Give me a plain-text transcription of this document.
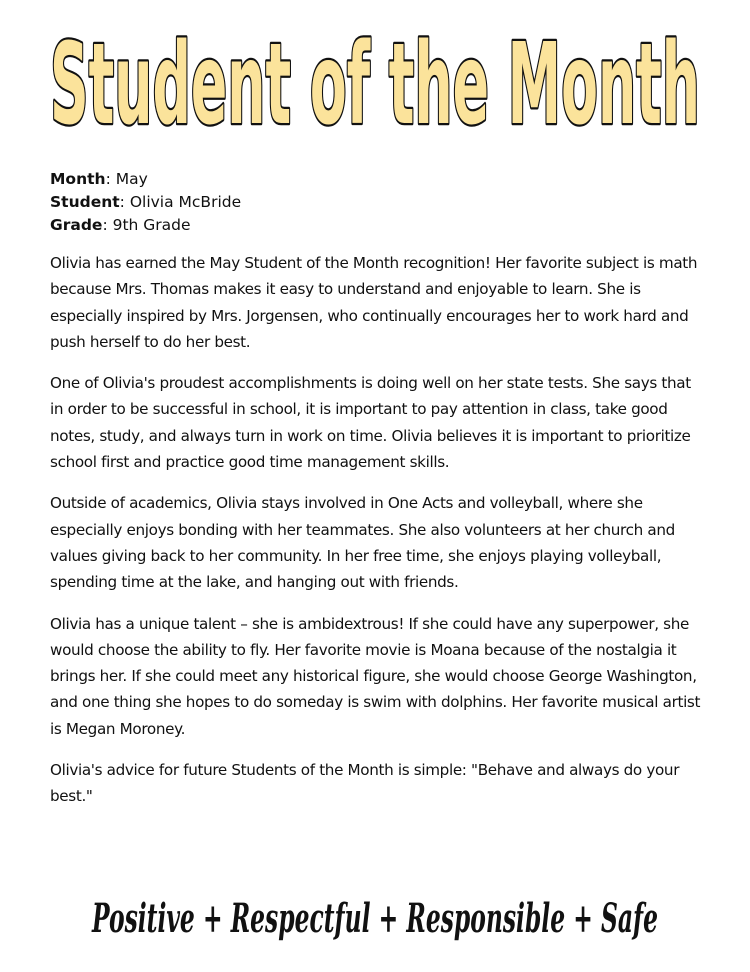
Student of the Month
Month: May
Student: Olivia McBride
Grade: 9th Grade

Olivia has earned the May Student of the Month recognition! Her favorite subject is math because Mrs. Thomas makes it easy to understand and enjoyable to learn. She is especially inspired by Mrs. Jorgensen, who continually encourages her to work hard and push herself to do her best.

One of Olivia's proudest accomplishments is doing well on her state tests. She says that in order to be successful in school, it is important to pay attention in class, take good notes, study, and always turn in work on time. Olivia believes it is important to prioritize school first and practice good time management skills.

Outside of academics, Olivia stays involved in One Acts and volleyball, where she especially enjoys bonding with her teammates. She also volunteers at her church and values giving back to her community. In her free time, she enjoys playing volleyball, spending time at the lake, and hanging out with friends.

Olivia has a unique talent – she is ambidextrous! If she could have any superpower, she would choose the ability to fly. Her favorite movie is Moana because of the nostalgia it brings her. If she could meet any historical figure, she would choose George Washington, and one thing she hopes to do someday is swim with dolphins. Her favorite musical artist is Megan Moroney.

Olivia's advice for future Students of the Month is simple: "Behave and always do your best."

Positive + Respectful + Responsible + Safe
